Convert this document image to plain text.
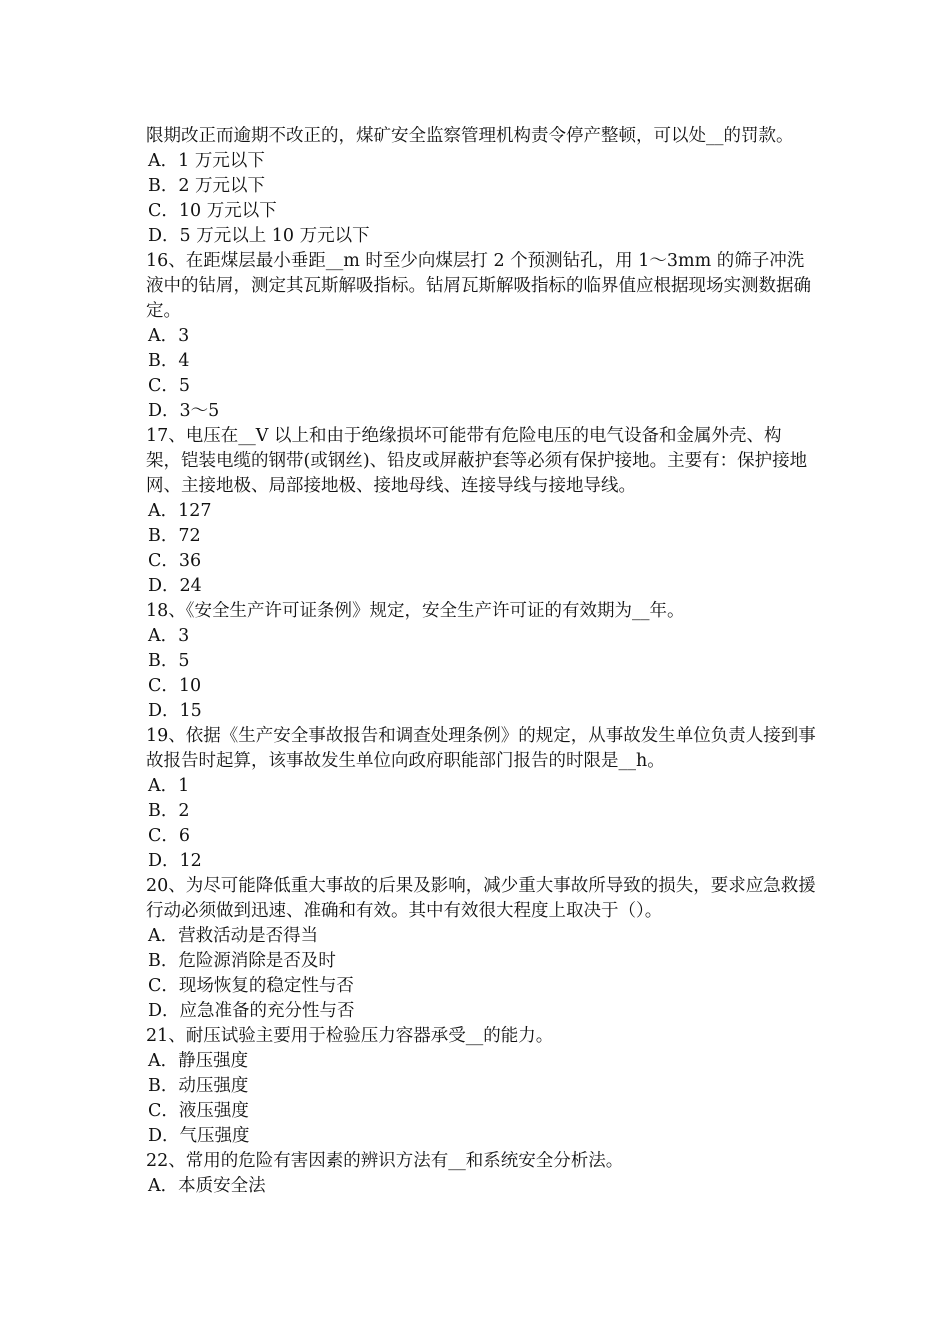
限期改正而逾期不改正的，煤矿安全监察管理机构责令停产整顿，可以处__的罚款。

A．1 万元以下

B．2 万元以下

C．10 万元以下

D．5 万元以上 10 万元以下

16、在距煤层最小垂距__m 时至少向煤层打 2 个预测钻孔，用 1～3mm 的筛子冲洗液中的钻屑，测定其瓦斯解吸指标。钻屑瓦斯解吸指标的临界值应根据现场实测数据确定。

A．3

B．4

C．5

D．3～5

17、电压在__V 以上和由于绝缘损坏可能带有危险电压的电气设备和金属外壳、构架，铠装电缆的钢带(或钢丝)、铅皮或屏蔽护套等必须有保护接地。主要有：保护接地网、主接地极、局部接地极、接地母线、连接导线与接地导线。

A．127

B．72

C．36

D．24

18、《安全生产许可证条例》规定，安全生产许可证的有效期为__年。

A．3

B．5

C．10

D．15

19、依据《生产安全事故报告和调查处理条例》的规定，从事故发生单位负责人接到事故报告时起算，该事故发生单位向政府职能部门报告的时限是__h。

A．1

B．2

C．6

D．12

20、为尽可能降低重大事故的后果及影响，减少重大事故所导致的损失，要求应急救援行动必须做到迅速、准确和有效。其中有效很大程度上取决于（）。

A．营救活动是否得当

B．危险源消除是否及时

C．现场恢复的稳定性与否

D．应急准备的充分性与否

21、耐压试验主要用于检验压力容器承受__的能力。

A．静压强度

B．动压强度

C．液压强度

D．气压强度

22、常用的危险有害因素的辨识方法有__和系统安全分析法。

A．本质安全法
